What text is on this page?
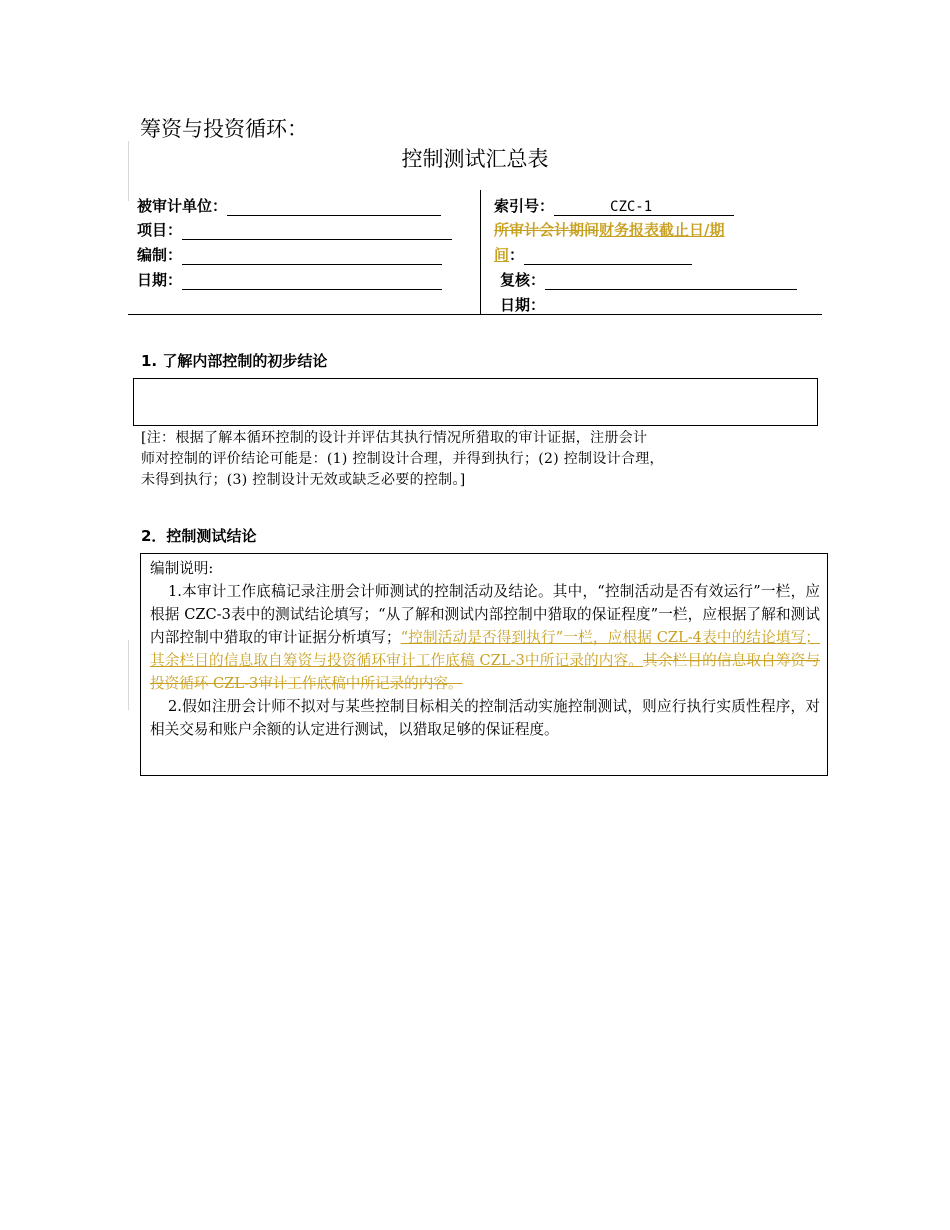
筹资与投资循环：
控制测试汇总表
被审计单位：
项目：
编制：
日期：
索引号：	CZC-1
所审计会计期间财务报表截止日/期
间：
复核：
日期：
1. 了解内部控制的初步结论
[注：根据了解本循环控制的设计并评估其执行情况所猎取的审计证据，注册会计
师对控制的评价结论可能是：(1) 控制设计合理，并得到执行；(2) 控制设计合理，
未得到执行；(3) 控制设计无效或缺乏必要的控制。]
2．控制测试结论

编制说明:

1.本审计工作底稿记录注册会计师测试的控制活动及结论。其中，“控制活动是否有效运行”一栏，应根据 CZC-3表中的测试结论填写；“从了解和测试内部控制中猎取的保证程度”一栏，应根据了解和测试内部控制中猎取的审计证据分析填写；“控制活动是否得到执行”一栏，应根据 CZL-4表中的结论填写；其余栏目的信息取自筹资与投资循环审计工作底稿 CZL-3中所记录的内容。其余栏目的信息取自筹资与投资循环 CZL-3审计工作底稿中所记录的内容。

2.假如注册会计师不拟对与某些控制目标相关的控制活动实施控制测试，则应行执行实质性程序，对相关交易和账户余额的认定进行测试，以猎取足够的保证程度。
